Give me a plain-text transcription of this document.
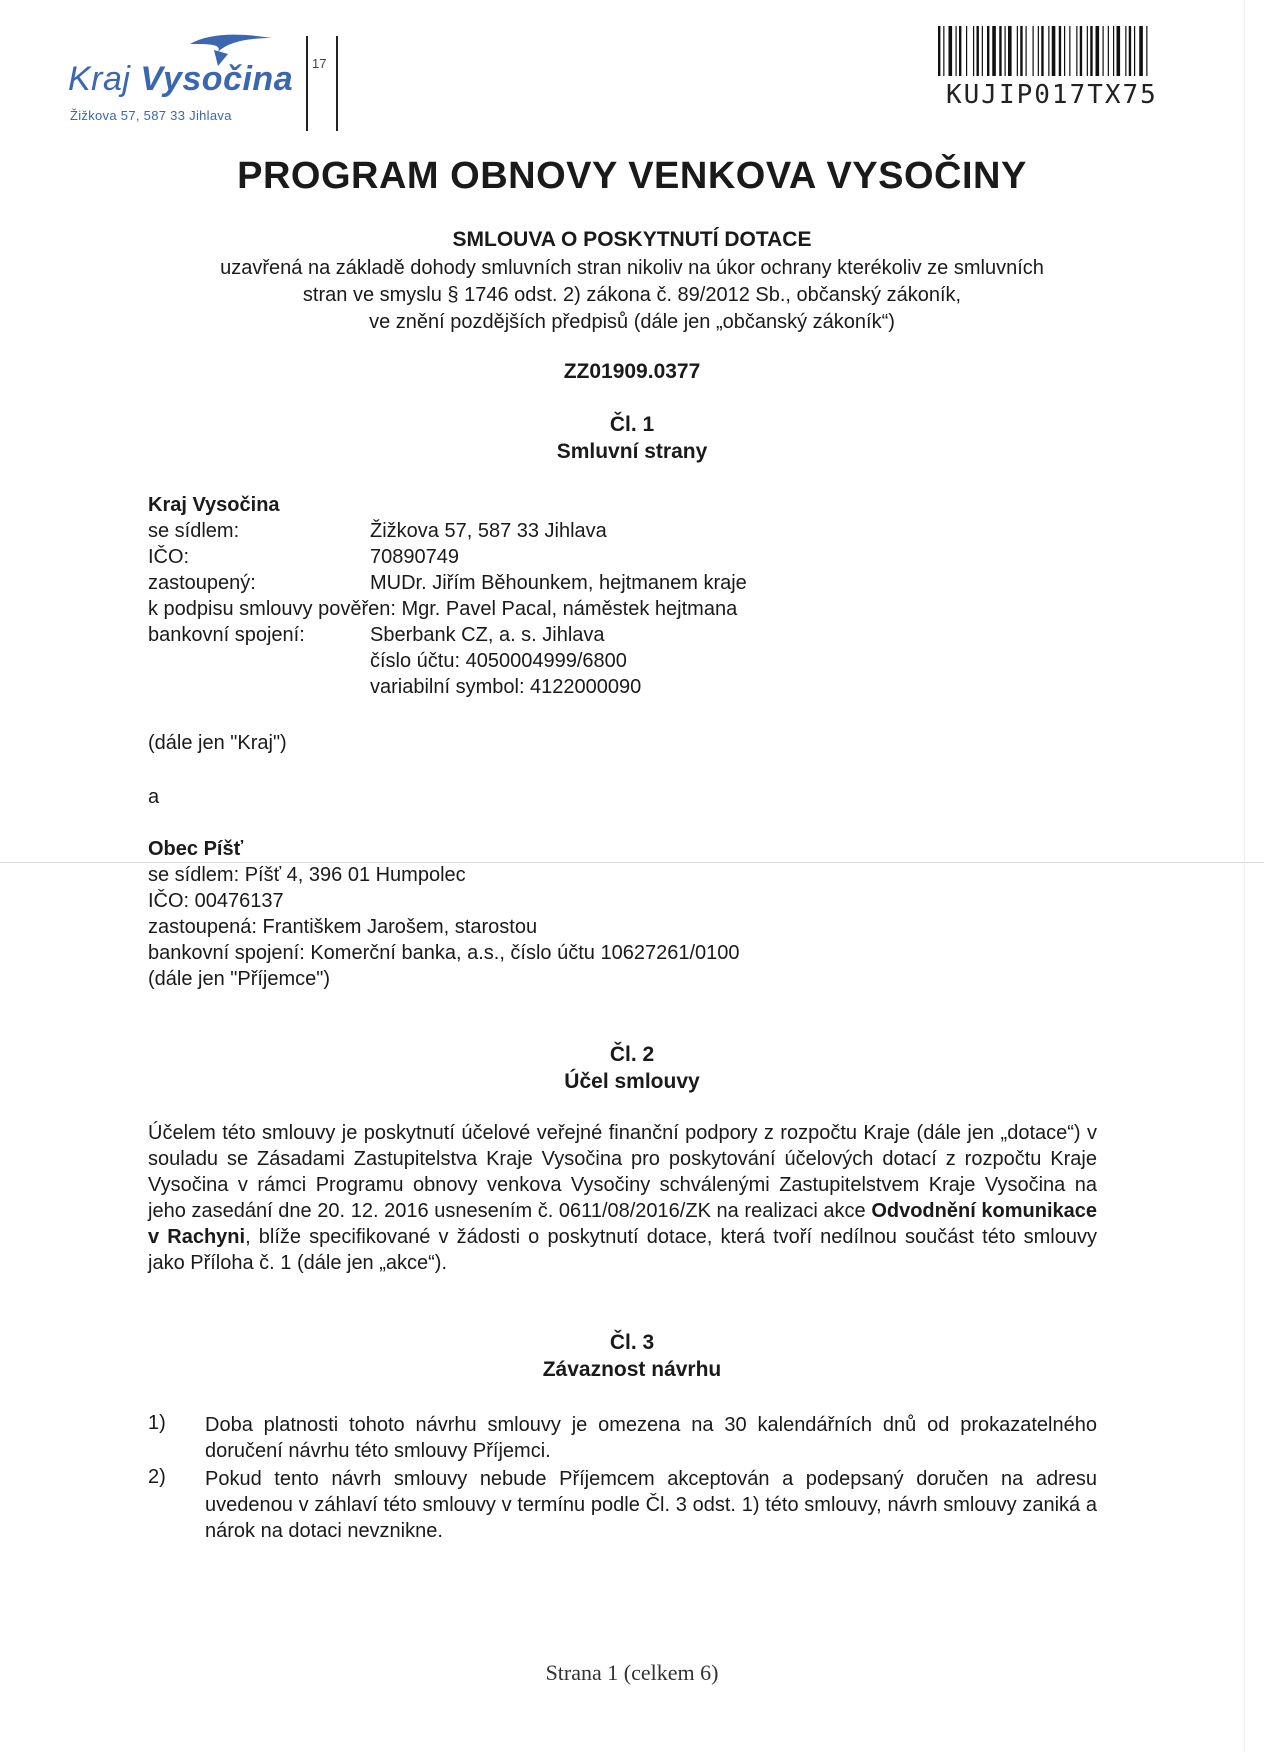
Kraj Vysočina
Žižkova 57, 587 33 Jihlava
17
KUJIP017TX75
PROGRAM OBNOVY VENKOVA VYSOČINY
SMLOUVA O POSKYTNUTÍ DOTACE
uzavřená na základě dohody smluvních stran nikoliv na úkor ochrany kterékoliv ze smluvních
stran ve smyslu § 1746 odst. 2) zákona č. 89/2012 Sb., občanský zákoník,
ve znění pozdějších předpisů (dále jen „občanský zákoník“)
ZZ01909.0377
Čl. 1
Smluvní strany
Kraj Vysočina
se sídlem:	Žižkova 57, 587 33 Jihlava
IČO:	70890749
zastoupený:	MUDr. Jiřím Běhounkem, hejtmanem kraje
k podpisu smlouvy pověřen: Mgr. Pavel Pacal, náměstek hejtmana
bankovní spojení:	Sberbank CZ, a. s. Jihlava
číslo účtu: 4050004999/6800
variabilní symbol: 4122000090
(dále jen "Kraj")
a
Obec Píšť
se sídlem: Píšť 4, 396 01 Humpolec
IČO: 00476137
zastoupená: Františkem Jarošem, starostou
bankovní spojení: Komerční banka, a.s., číslo účtu 10627261/0100
(dále jen "Příjemce")
Čl. 2
Účel smlouvy
Účelem této smlouvy je poskytnutí účelové veřejné finanční podpory z rozpočtu Kraje (dále jen „dotace“) v souladu se Zásadami Zastupitelstva Kraje Vysočina pro poskytování účelových dotací z rozpočtu Kraje Vysočina v rámci Programu obnovy venkova Vysočiny schválenými Zastupitelstvem Kraje Vysočina na jeho zasedání dne 20. 12. 2016 usnesením č. 0611/08/2016/ZK na realizaci akce Odvodnění komunikace v Rachyni, blíže specifikované v žádosti o poskytnutí dotace, která tvoří nedílnou součást této smlouvy jako Příloha č. 1 (dále jen „akce“).
Čl. 3
Závaznost návrhu
1) Doba platnosti tohoto návrhu smlouvy je omezena na 30 kalendářních dnů od prokazatelného doručení návrhu této smlouvy Příjemci.
2) Pokud tento návrh smlouvy nebude Příjemcem akceptován a podepsaný doručen na adresu uvedenou v záhlaví této smlouvy v termínu podle Čl. 3 odst. 1) této smlouvy, návrh smlouvy zaniká a nárok na dotaci nevznikne.
Strana 1 (celkem 6)
